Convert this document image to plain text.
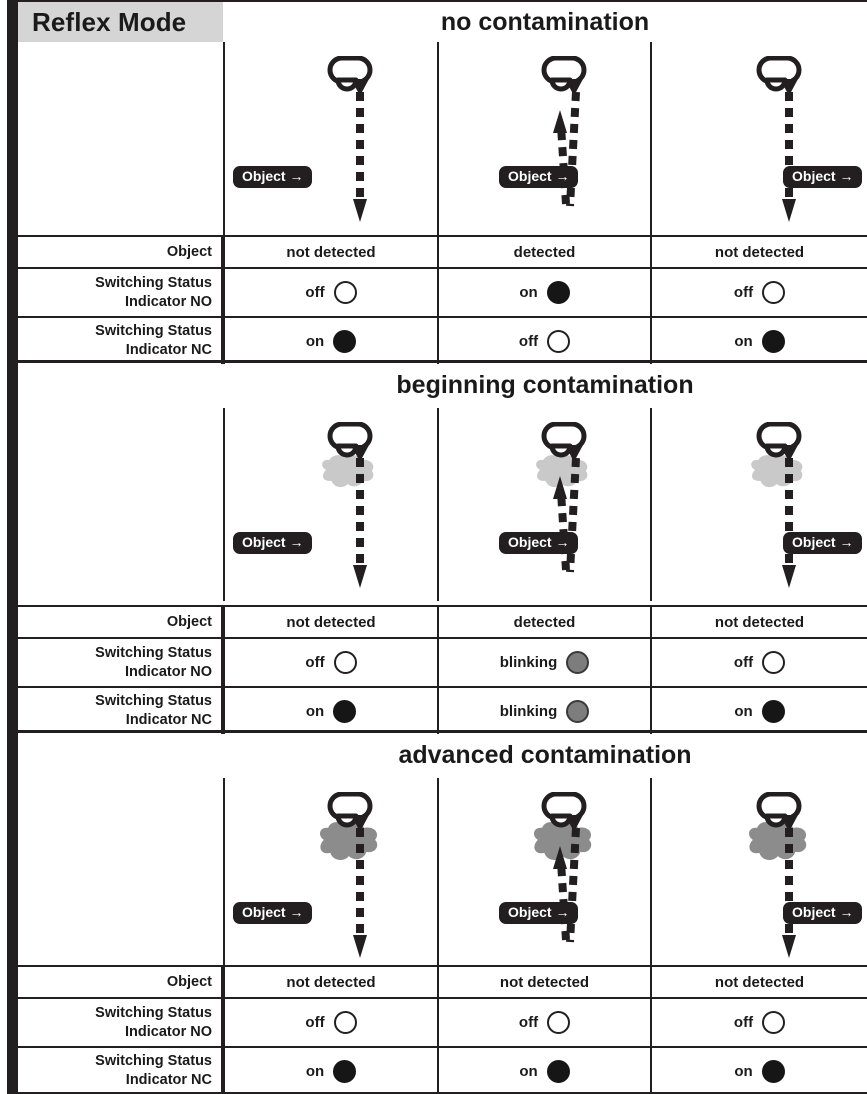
Reflex Mode	no contamination
Object →	Object →	Object →
Object	not detected	detected	not detected
Switching Status
Indicator NO
off	on	off
Switching Status
Indicator NC
on	off	on
beginning contamination
Object →	Object →	Object →
Object	not detected	detected	not detected
Switching Status
Indicator NO
off	blinking	off
Switching Status
Indicator NC
on	blinking	on
advanced contamination
Object →	Object →	Object →
Object	not detected	not detected	not detected
Switching Status
Indicator NO
off	off	off
Switching Status
Indicator NC
on	on	on
